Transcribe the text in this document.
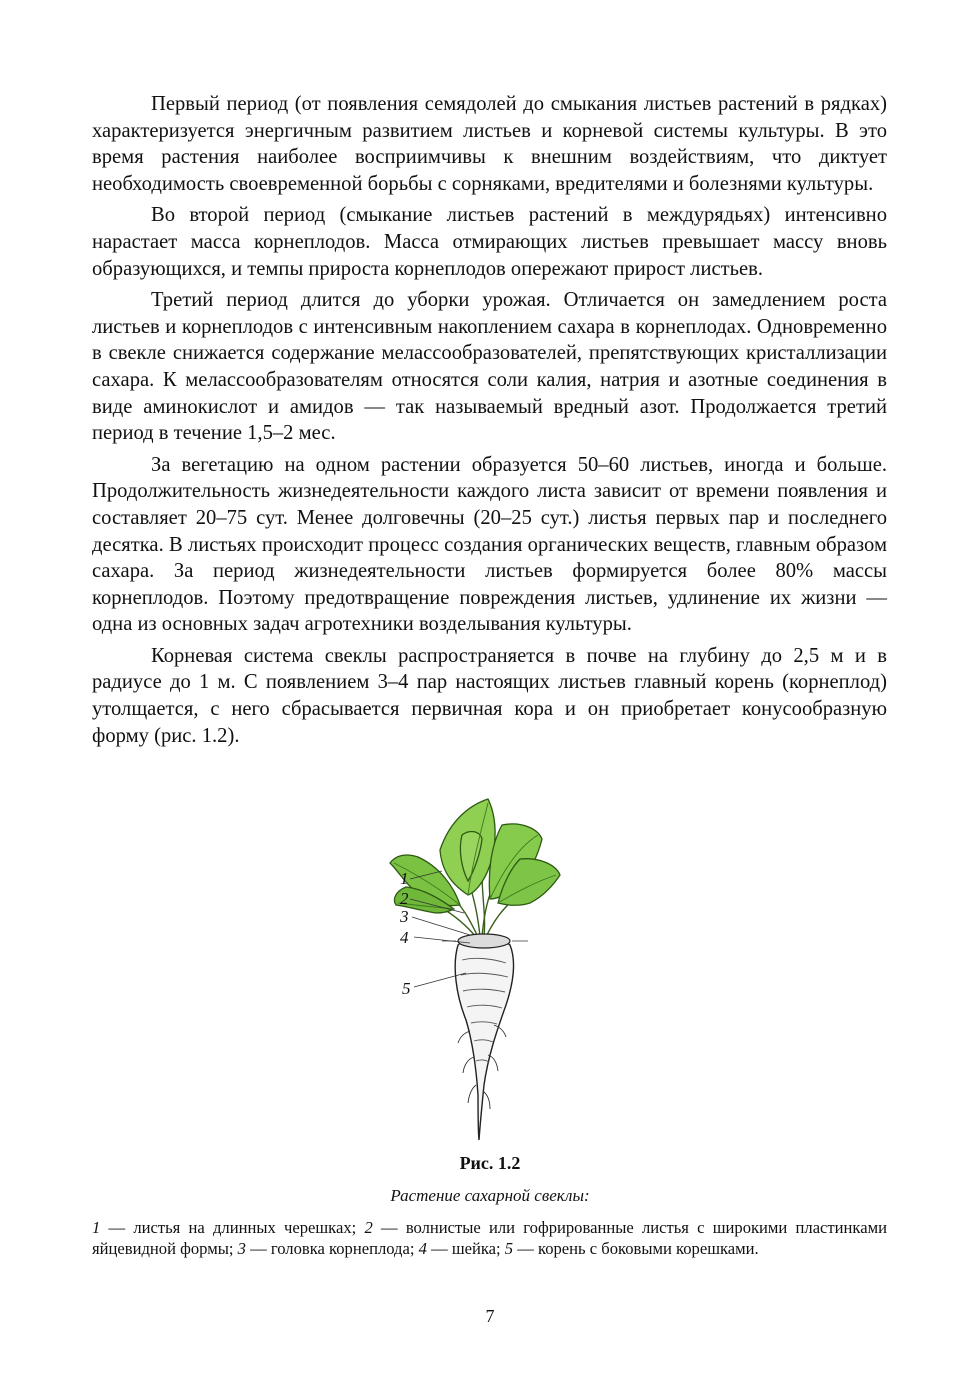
Первый период (от появления семядолей до смыкания листьев растений в рядках) характеризуется энергичным развитием листьев и корневой системы культуры. В это время растения наиболее восприимчивы к внешним воздействиям, что диктует необходимость своевременной борьбы с сорняками, вредителями и болезнями культуры.

Во второй период (смыкание листьев растений в междурядьях) интенсивно нарастает масса корнеплодов. Масса отмирающих листьев превышает массу вновь образующихся, и темпы прироста корнеплодов опережают прирост листьев.

Третий период длится до уборки урожая. Отличается он замедлением роста листьев и корнеплодов с интенсивным накоплением сахара в корнеплодах. Одновременно в свекле снижается содержание мелассообразователей, препятствующих кристаллизации сахара. К мелассообразователям относятся соли калия, натрия и азотные соединения в виде аминокислот и амидов — так называемый вредный азот. Продолжается третий период в течение 1,5–2 мес.

За вегетацию на одном растении образуется 50–60 листьев, иногда и больше. Продолжительность жизнедеятельности каждого листа зависит от времени появления и составляет 20–75 сут. Менее долговечны (20–25 сут.) листья первых пар и последнего десятка. В листьях происходит процесс создания органических веществ, главным образом сахара. За период жизнедеятельности листьев формируется более 80% массы корнеплодов. Поэтому предотвращение повреждения листьев, удлинение их жизни — одна из основных задач агротехники возделывания культуры.

Корневая система свеклы распространяется в почве на глубину до 2,5 м и в радиусе до 1 м. С появлением 3–4 пар настоящих листьев главный корень (корнеплод) утолщается, с него сбрасывается первичная кора и он приобретает конусообразную форму (рис. 1.2).

1
2
3
4
5
Рис. 1.2
Растение сахарной свеклы:
1 — листья на длинных черешках; 2 — волнистые или гофрированные листья с широкими пластинками яйцевидной формы; 3 — головка корнеплода; 4 — шейка; 5 — корень с боковыми корешками.
7
